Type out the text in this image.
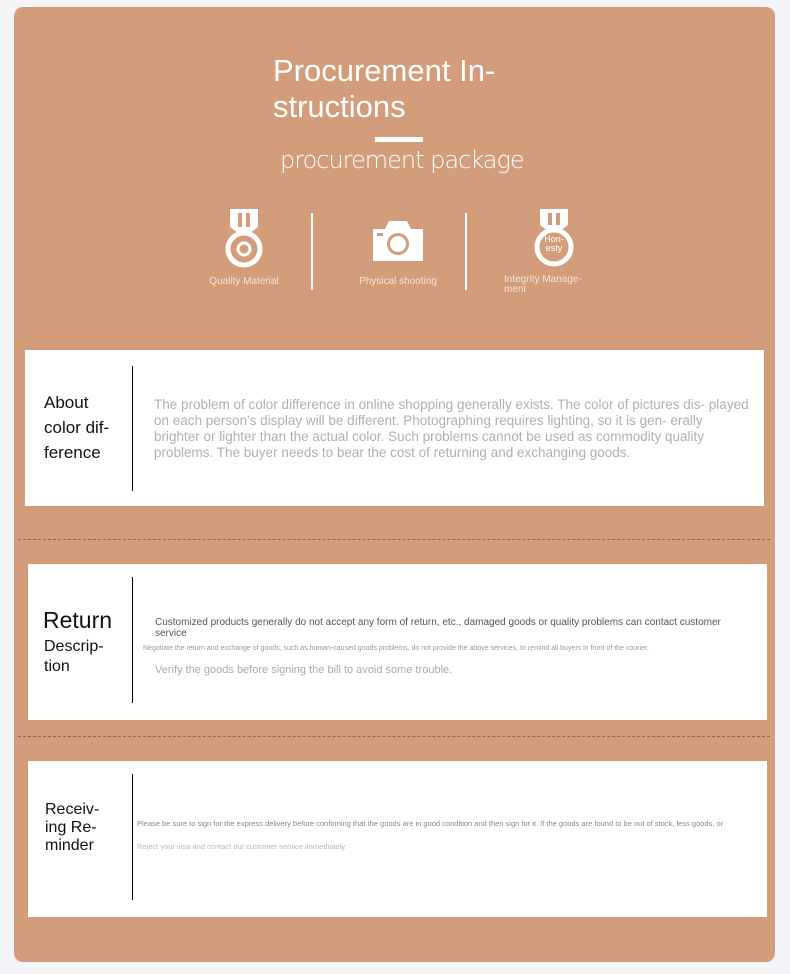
Procurement In- structions
procurement package
Quality Material	Physical shooting
Hon- esty
Integrity Manage- ment
About color dif- ference
The problem of color difference in online shopping generally exists. The color of pictures dis- played on each person's display will be different. Photographing requires lighting, so it is gen- erally brighter or lighter than the actual color. Such problems cannot be used as commodity quality problems. The buyer needs to bear the cost of returning and exchanging goods.
Return
Descrip- tion
Customized products generally do not accept any form of return, etc., damaged goods or quality problems can contact customer service
Negotiate the return and exchange of goods, such as human-caused goods problems, do not provide the above services, to remind all buyers in front of the courier.
Verify the goods before signing the bill to avoid some trouble.
Receiv- ing Re- minder
Please be sure to sign for the express delivery before confirming that the goods are in good condition and then sign for it. If the goods are found to be out of stock, less goods, or
Reject your visa and contact our customer service immediately.
